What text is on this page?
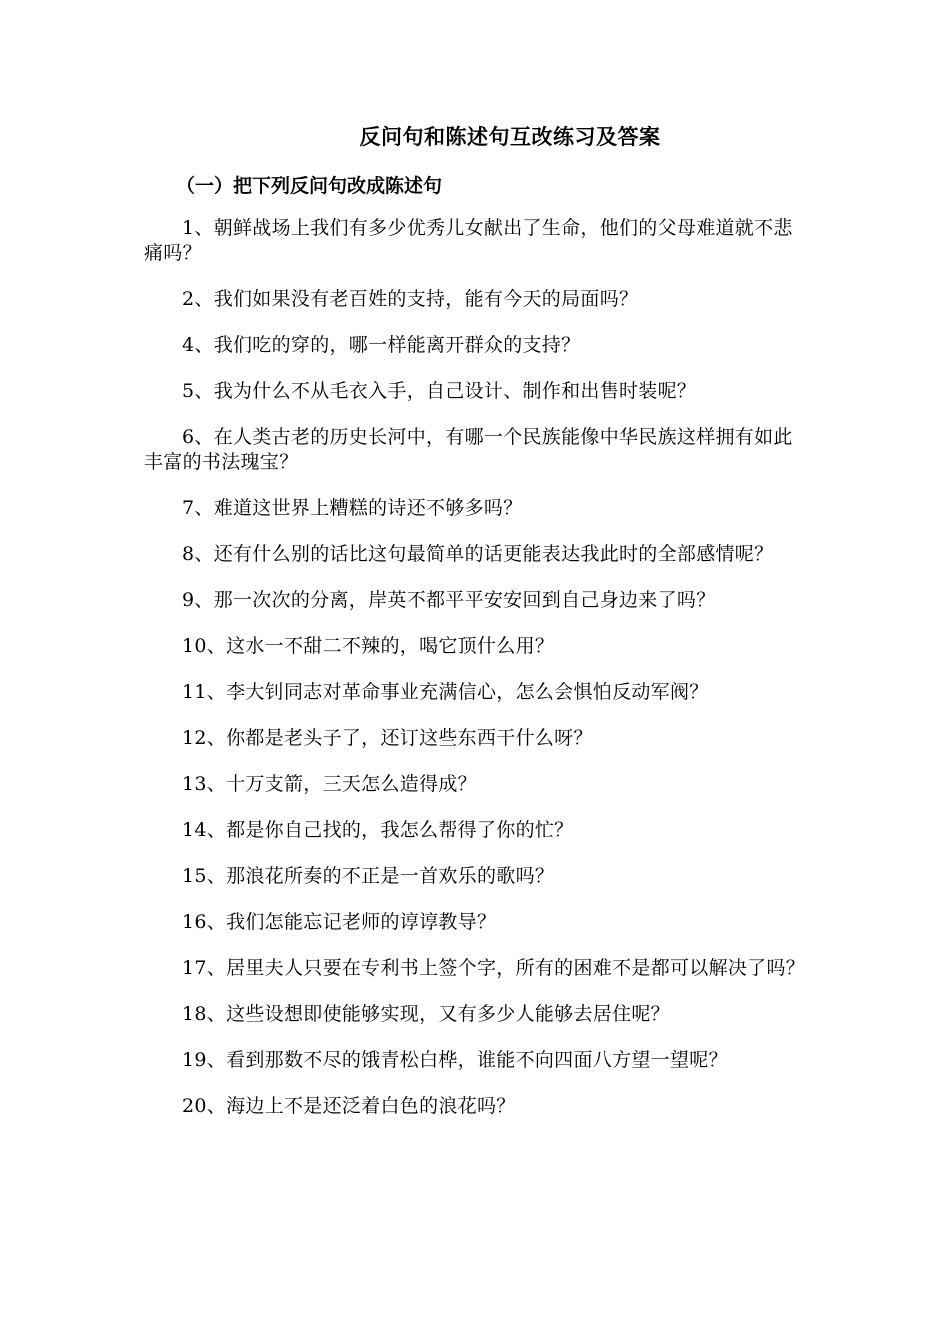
反问句和陈述句互改练习及答案
（一）把下列反问句改成陈述句
1、朝鲜战场上我们有多少优秀儿女献出了生命，他们的父母难道就不悲痛吗？
2、我们如果没有老百姓的支持，能有今天的局面吗？
4、我们吃的穿的，哪一样能离开群众的支持？
5、我为什么不从毛衣入手，自己设计、制作和出售时装呢？
6、在人类古老的历史长河中，有哪一个民族能像中华民族这样拥有如此丰富的书法瑰宝？
7、难道这世界上糟糕的诗还不够多吗？
8、还有什么别的话比这句最简单的话更能表达我此时的全部感情呢？
9、那一次次的分离，岸英不都平平安安回到自己身边来了吗？
10、这水一不甜二不辣的，喝它顶什么用？
11、李大钊同志对革命事业充满信心，怎么会惧怕反动军阀？
12、你都是老头子了，还订这些东西干什么呀？
13、十万支箭，三天怎么造得成？
14、都是你自己找的，我怎么帮得了你的忙？
15、那浪花所奏的不正是一首欢乐的歌吗？
16、我们怎能忘记老师的谆谆教导？
17、居里夫人只要在专利书上签个字，所有的困难不是都可以解决了吗？
18、这些设想即使能够实现，又有多少人能够去居住呢？
19、看到那数不尽的饿青松白桦，谁能不向四面八方望一望呢？
20、海边上不是还泛着白色的浪花吗？
